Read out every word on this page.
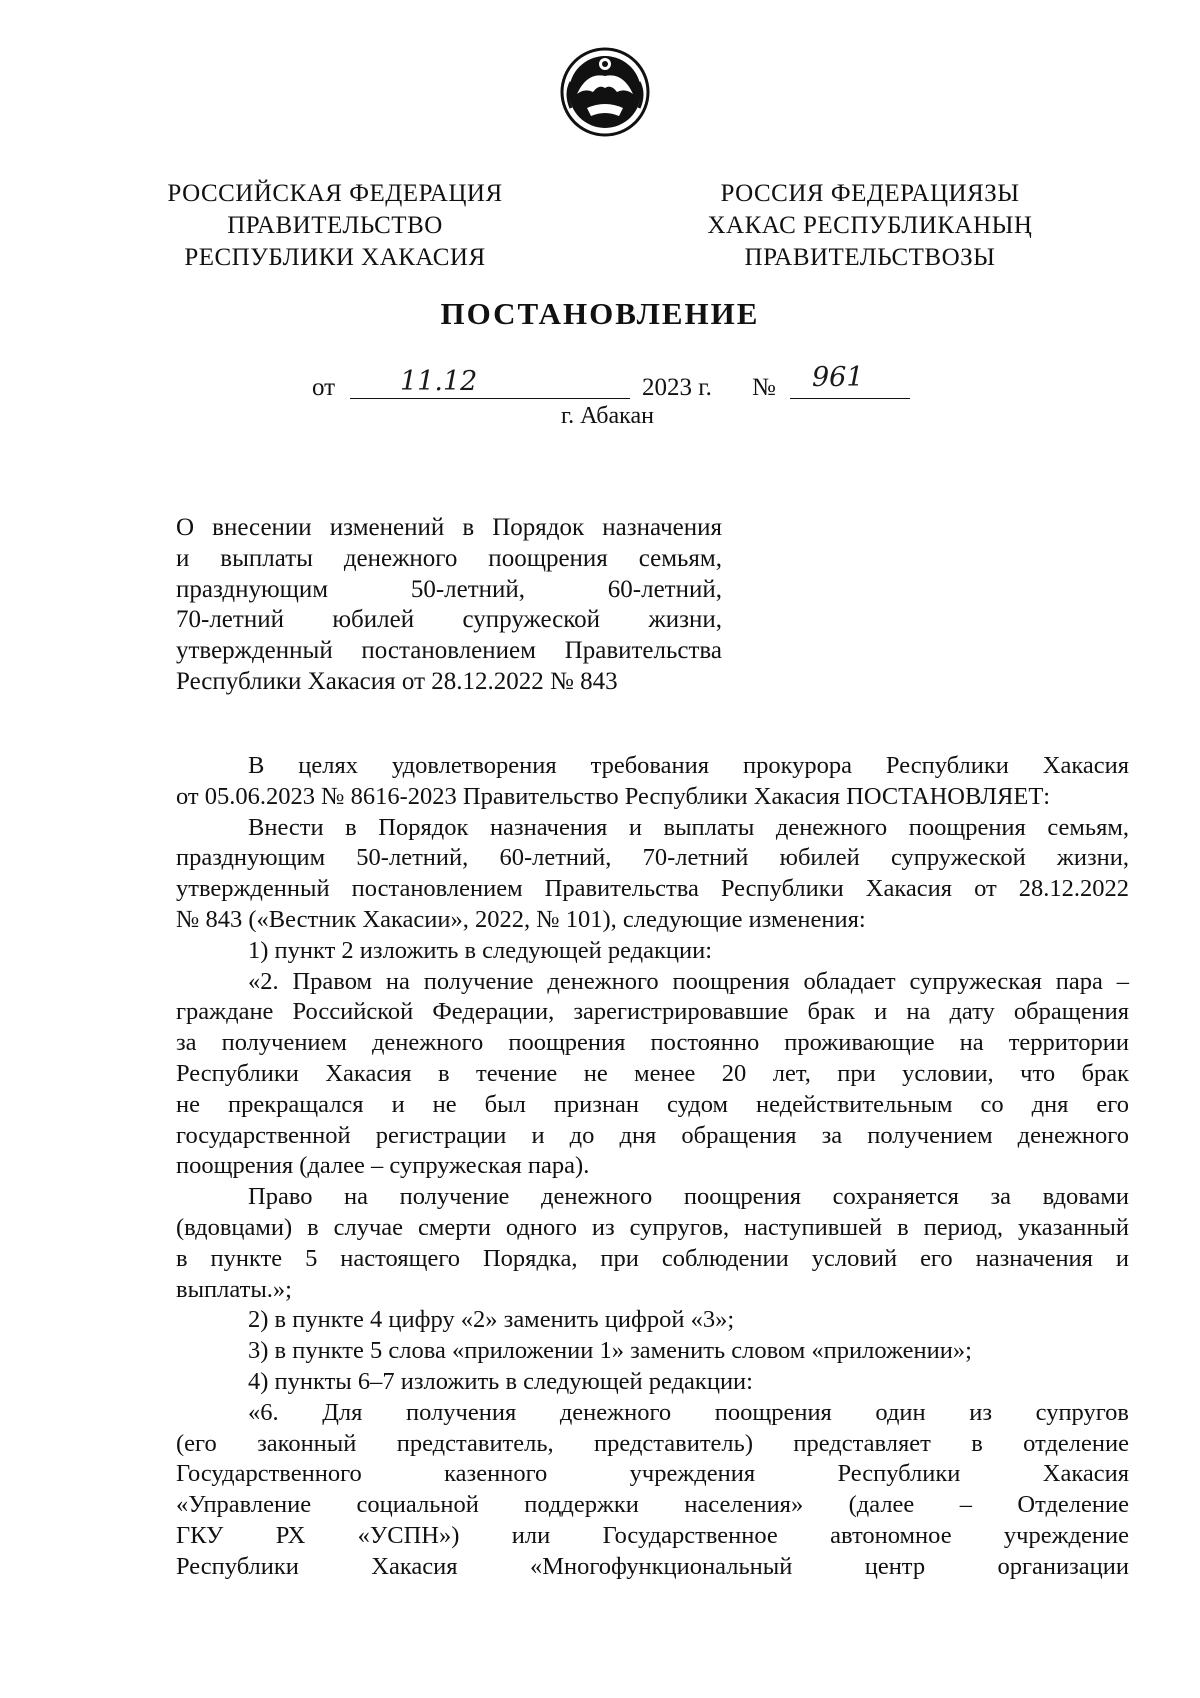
РОССИЙСКАЯ ФЕДЕРАЦИЯ
ПРАВИТЕЛЬСТВО
РЕСПУБЛИКИ ХАКАСИЯ
РОССИЯ ФЕДЕРАЦИЯЗЫ
ХАКАС РЕСПУБЛИКАНЫҢ
ПРАВИТЕЛЬСТВОЗЫ
ПОСТАНОВЛЕНИЕ
от 11.12	2023 г. № 961
г. Абакан
О внесении изменений в Порядок назначения
и выплаты денежного поощрения семьям,
празднующим 50-летний, 60-летний,
70-летний юбилей супружеской жизни,
утвержденный постановлением Правительства
Республики Хакасия от 28.12.2022 № 843
В целях удовлетворения требования прокурора Республики Хакасия
от 05.06.2023 № 8616-2023 Правительство Республики Хакасия ПОСТАНОВЛЯЕТ:
Внести в Порядок назначения и выплаты денежного поощрения семьям,
празднующим 50-летний, 60-летний, 70-летний юбилей супружеской жизни,
утвержденный постановлением Правительства Республики Хакасия от 28.12.2022
№ 843 («Вестник Хакасии», 2022, № 101), следующие изменения:
1) пункт 2 изложить в следующей редакции:
«2. Правом на получение денежного поощрения обладает супружеская пара –
граждане Российской Федерации, зарегистрировавшие брак и на дату обращения
за получением денежного поощрения постоянно проживающие на территории
Республики Хакасия в течение не менее 20 лет, при условии, что брак
не прекращался и не был признан судом недействительным со дня его
государственной регистрации и до дня обращения за получением денежного
поощрения (далее – супружеская пара).
Право на получение денежного поощрения сохраняется за вдовами
(вдовцами) в случае смерти одного из супругов, наступившей в период, указанный
в пункте 5 настоящего Порядка, при соблюдении условий его назначения и
выплаты.»;
2) в пункте 4 цифру «2» заменить цифрой «3»;
3) в пункте 5 слова «приложении 1» заменить словом «приложении»;
4) пункты 6–7 изложить в следующей редакции:
«6. Для получения денежного поощрения один из супругов
(его законный представитель, представитель) представляет в отделение
Государственного казенного учреждения Республики Хакасия
«Управление социальной поддержки населения» (далее – Отделение
ГКУ РХ «УСПН») или Государственное автономное учреждение
Республики Хакасия «Многофункциональный центр организации
